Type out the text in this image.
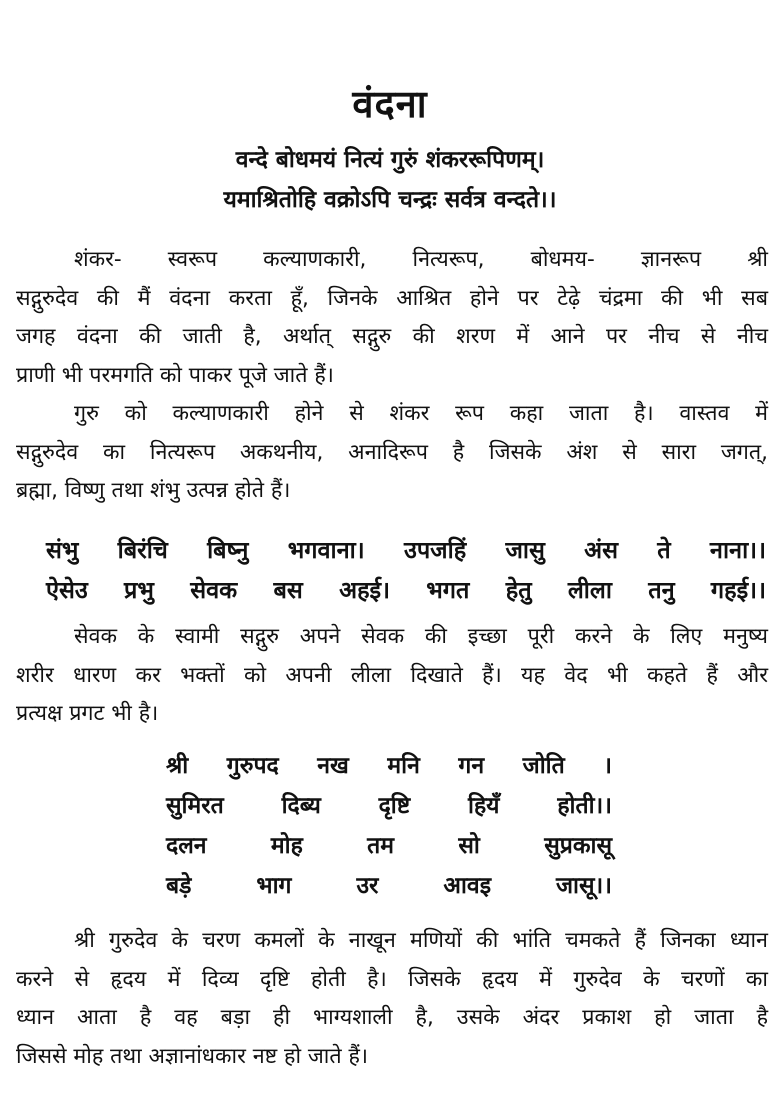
वंदना
वन्दे बोधमयं नित्यं गुरुं शंकररूपिणम्।
यमाश्रितोहि वक्रोऽपि चन्द्रः सर्वत्र वन्दते।।
शंकर- स्वरूप कल्याणकारी, नित्यरूप, बोधमय- ज्ञानरूप श्री
सद्गुरुदेव की मैं वंदना करता हूँ, जिनके आश्रित होने पर टेढ़े चंद्रमा की भी सब
जगह वंदना की जाती है, अर्थात् सद्गुरु की शरण में आने पर नीच से नीच
प्राणी भी परमगति को पाकर पूजे जाते हैं।
गुरु को कल्याणकारी होने से शंकर रूप कहा जाता है। वास्तव में
सद्गुरुदेव का नित्यरूप अकथनीय, अनादिरूप है जिसके अंश से सारा जगत्,
ब्रह्मा, विष्णु तथा शंभु उत्पन्न होते हैं।
संभु बिरंचि बिष्नु भगवाना। उपजहिं जासु अंस ते नाना।।
ऐसेउ प्रभु सेवक बस अहई। भगत हेतु लीला तनु गहई।।
सेवक के स्वामी सद्गुरु अपने सेवक की इच्छा पूरी करने के लिए मनुष्य
शरीर धारण कर भक्तों को अपनी लीला दिखाते हैं। यह वेद भी कहते हैं और
प्रत्यक्ष प्रगट भी है।
श्री गुरुपद नख मनि गन जोति ।
सुमिरत दिब्य दृष्टि हियँ होती।।
दलन मोह तम सो सुप्रकासू
बड़े भाग उर आवइ जासू।।
श्री गुरुदेव के चरण कमलों के नाखून मणियों की भांति चमकते हैं जिनका ध्यान
करने से हृदय में दिव्य दृष्टि होती है। जिसके हृदय में गुरुदेव के चरणों का
ध्यान आता है वह बड़ा ही भाग्यशाली है, उसके अंदर प्रकाश हो जाता है
जिससे मोह तथा अज्ञानांधकार नष्ट हो जाते हैं।
